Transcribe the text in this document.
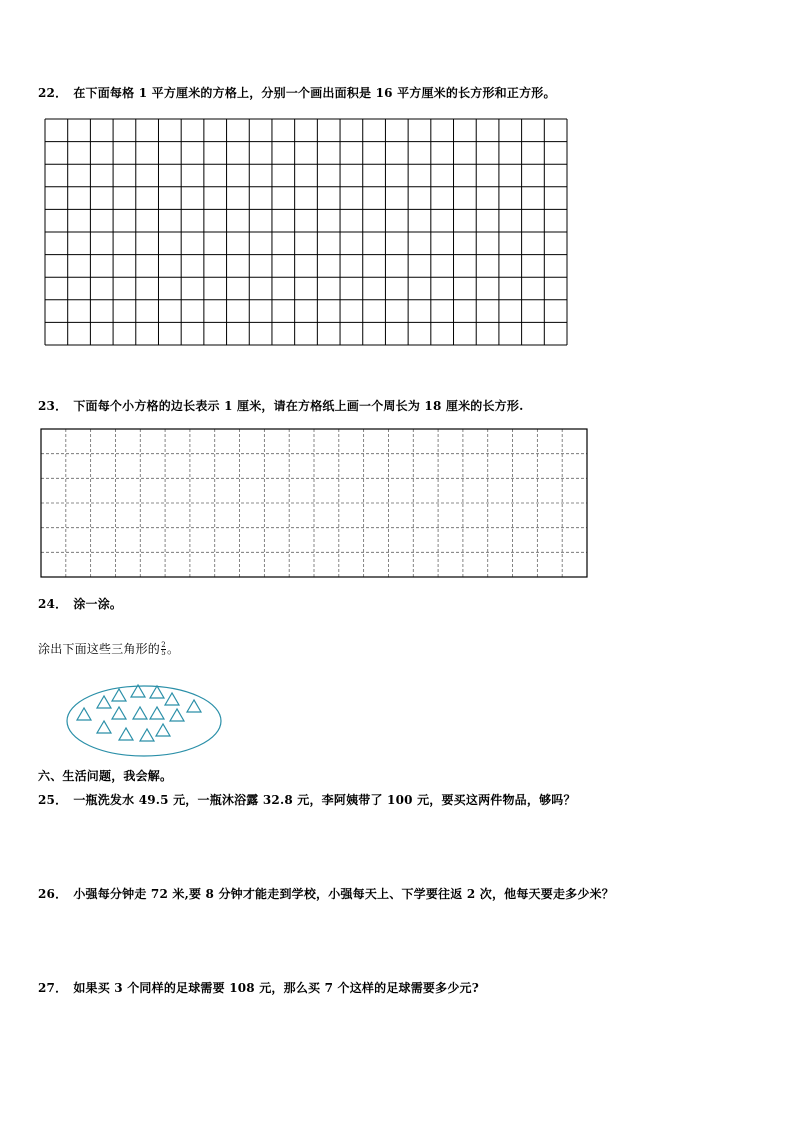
22． 在下面每格 1 平方厘米的方格上，分别一个画出面积是 16 平方厘米的长方形和正方形。
23． 下面每个小方格的边长表示 1 厘米，请在方格纸上画一个周长为 18 厘米的长方形.
24． 涂一涂。
涂出下面这些三角形的 $\frac{2}{5}$ 。
六、生活问题，我会解。
25． 一瓶洗发水 49.5 元，一瓶沐浴露 32.8 元，李阿姨带了 100 元，要买这两件物品，够吗？
26． 小强每分钟走 72 米,要 8 分钟才能走到学校，小强每天上、下学要往返 2 次，他每天要走多少米？
27． 如果买 3 个同样的足球需要 108 元，那么买 7 个这样的足球需要多少元?
